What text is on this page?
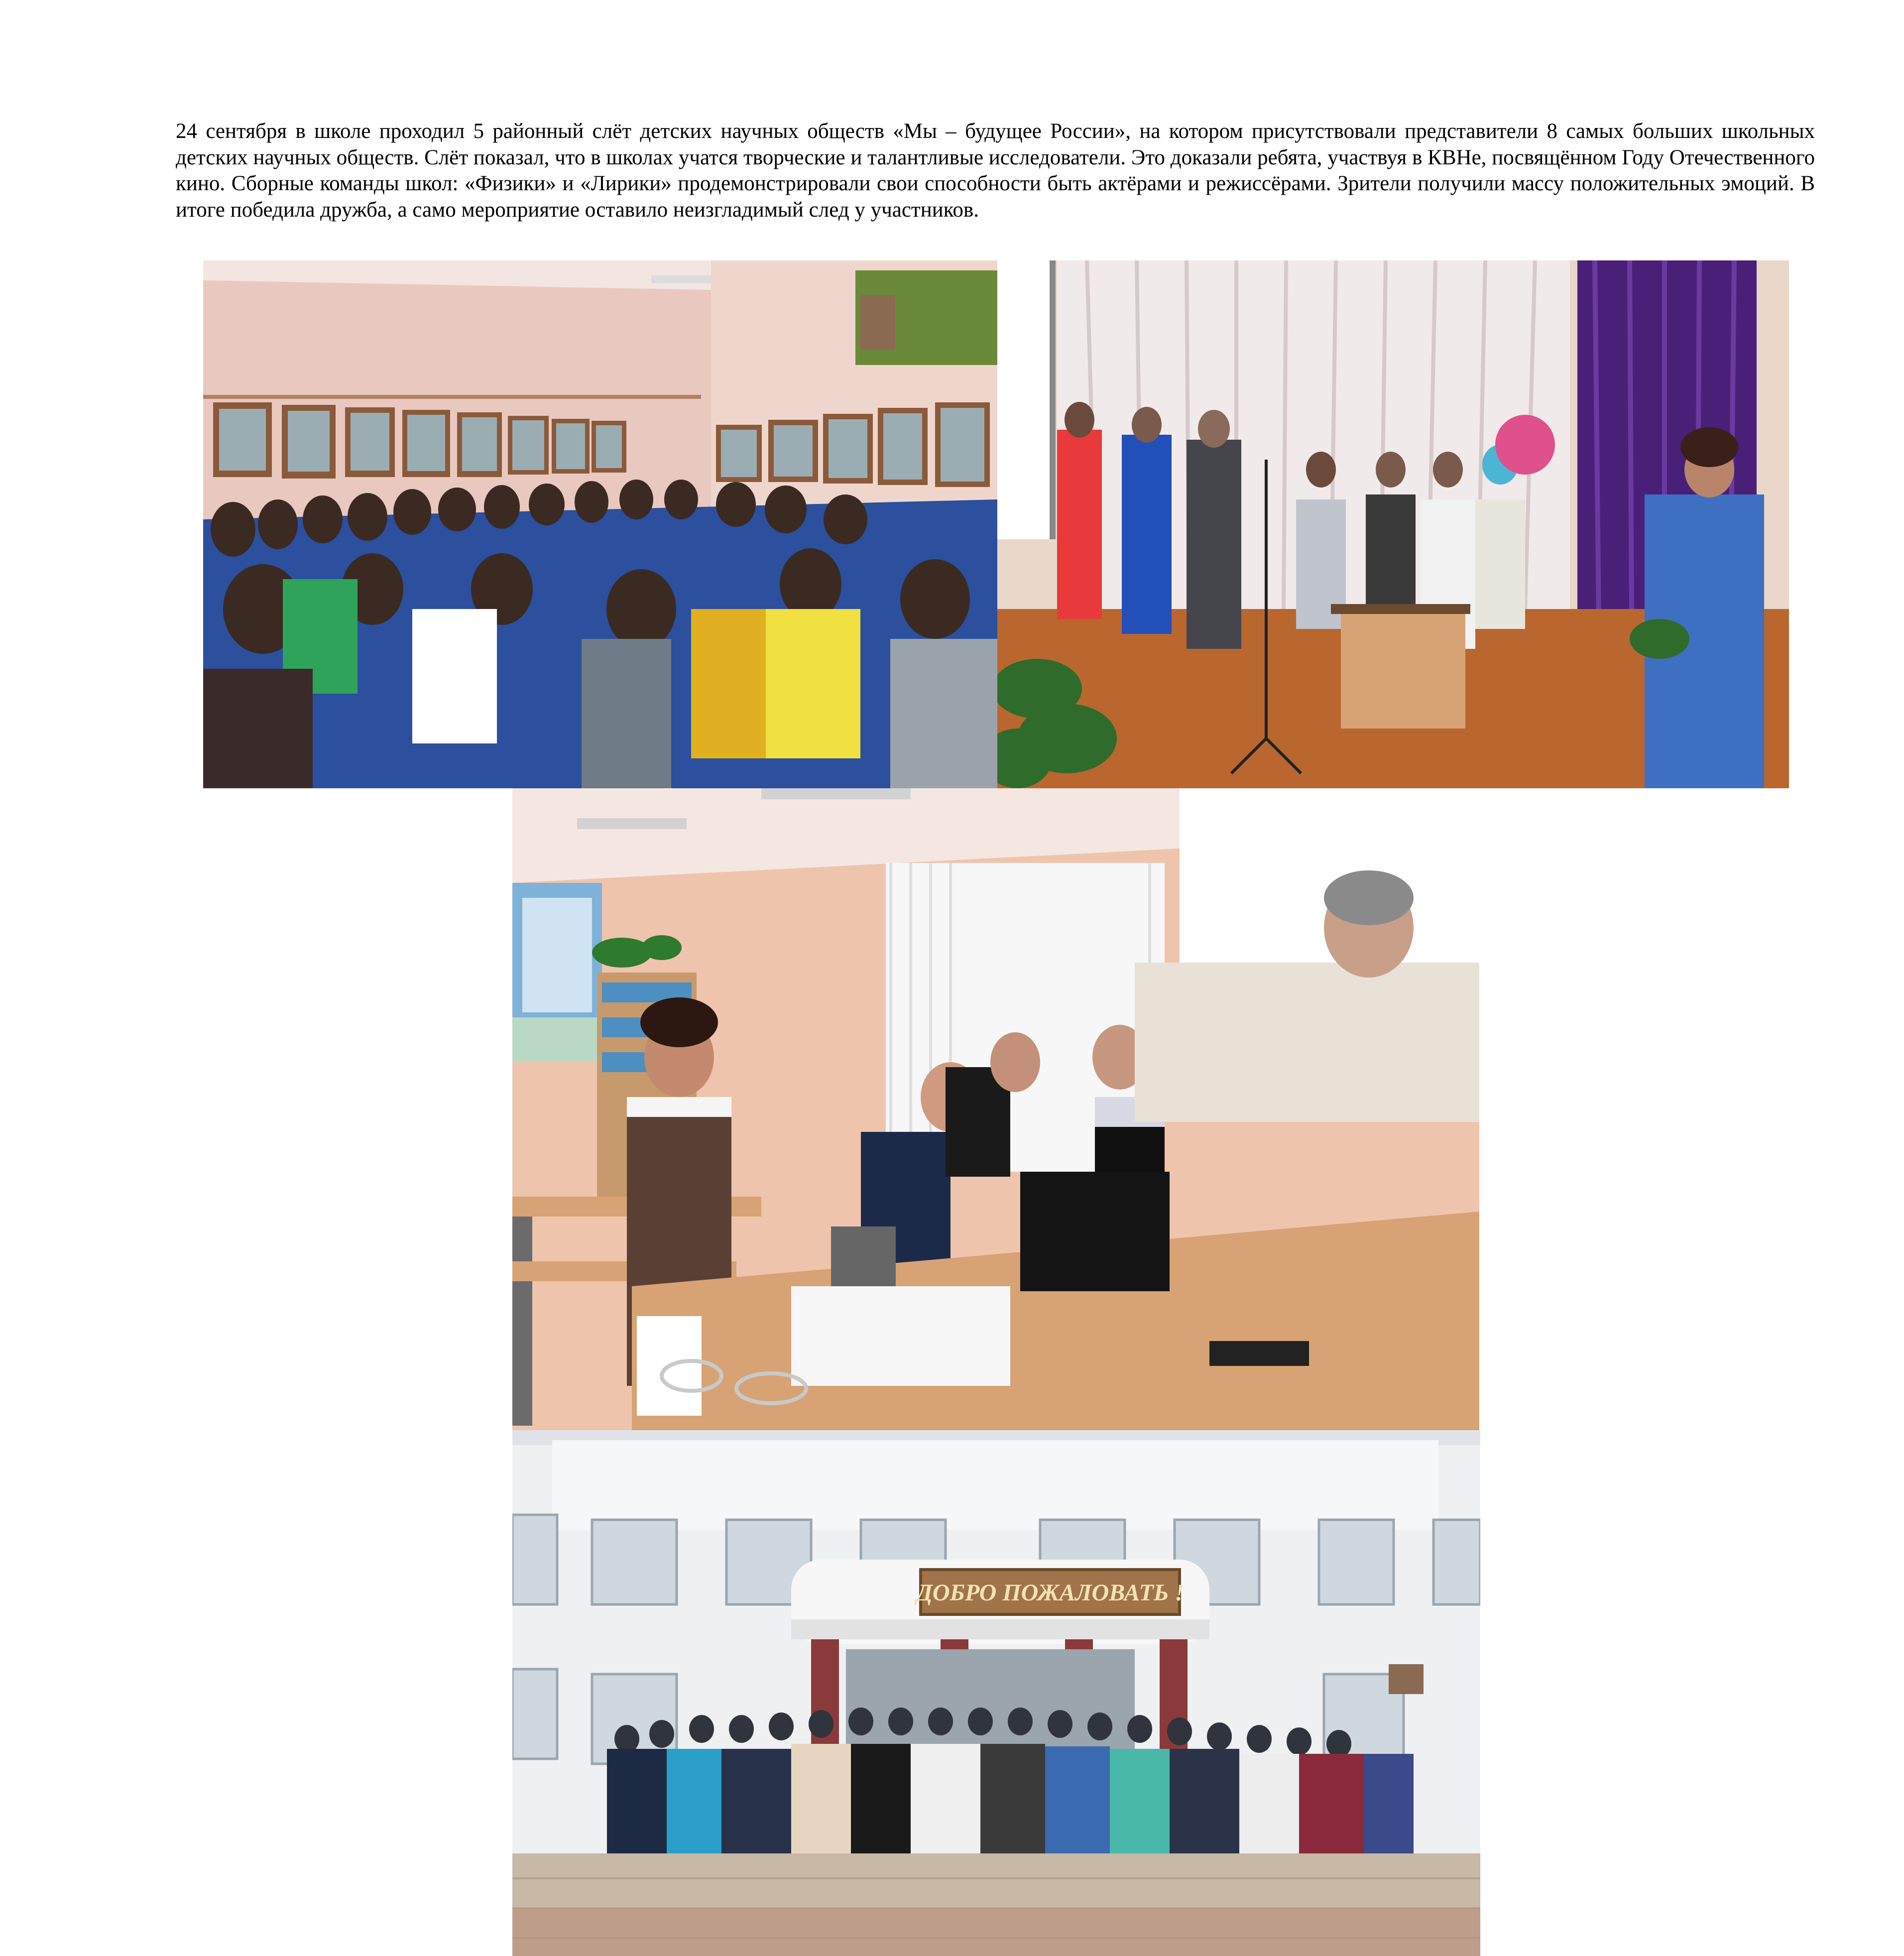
24 сентября в школе проходил 5 районный слёт детских научных обществ «Мы – будущее России», на котором присутствовали представители 8 самых больших школьных детских научных обществ. Слёт показал, что в школах учатся творческие и талантливые исследователи. Это доказали ребята, участвуя в КВНе, посвящённом Году Отечественного кино. Сборные команды школ: «Физики» и «Лирики» продемонстрировали свои способности быть актёрами и режиссёрами. Зрители получили массу положительных эмоций. В итоге победила дружба, а само мероприятие оставило неизгладимый след у участников.

ДОБРО ПОЖАЛОВАТЬ !
